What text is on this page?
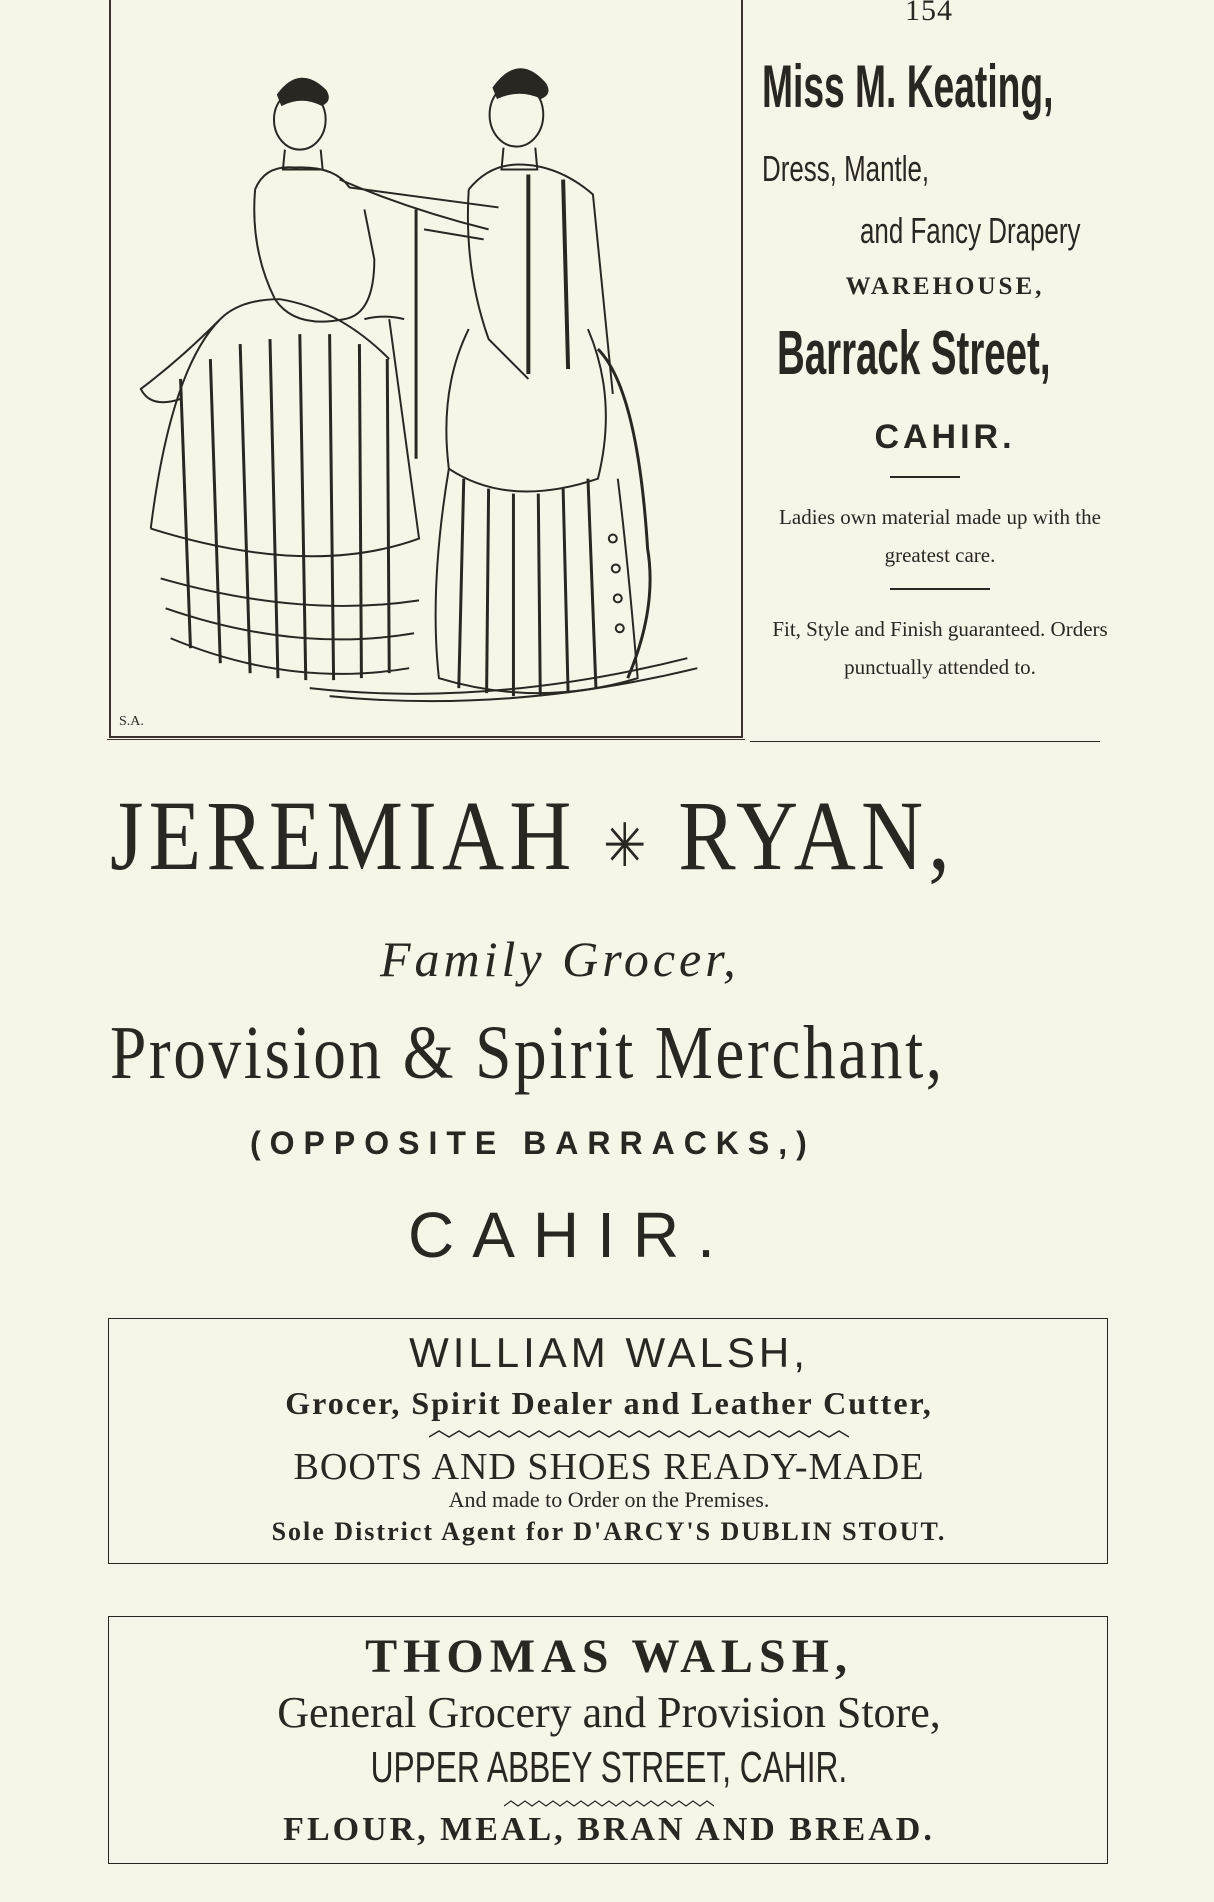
154
S.A.
Miss M. Keating,
Dress, Mantle,
and Fancy Drapery
WAREHOUSE,
Barrack Street,
CAHIR.
Ladies own material made up with the greatest care.
Fit, Style and Finish guaranteed. Orders punctually attended to.
JEREMIAH ✳ RYAN,
Family Grocer,
Provision & Spirit Merchant,
(OPPOSITE BARRACKS,)
CAHIR.
WILLIAM WALSH,
Grocer, Spirit Dealer and Leather Cutter,
BOOTS AND SHOES READY-MADE
And made to Order on the Premises.
Sole District Agent for D'ARCY'S DUBLIN STOUT.
THOMAS WALSH,
General Grocery and Provision Store,
UPPER ABBEY STREET, CAHIR.
FLOUR, MEAL, BRAN AND BREAD.
